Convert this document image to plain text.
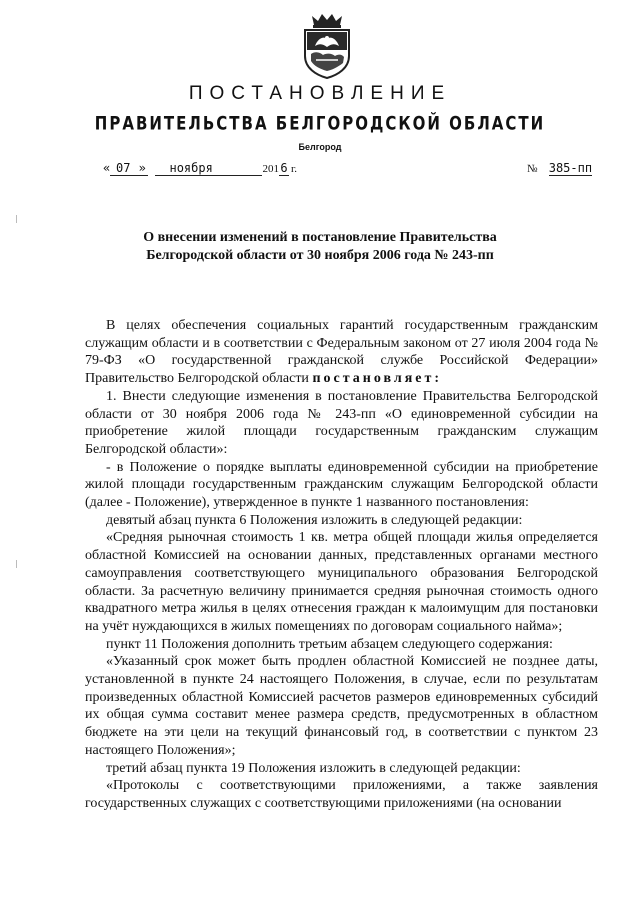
ПОСТАНОВЛЕНИЕ
ПРАВИТЕЛЬСТВА БЕЛГОРОДСКОЙ ОБЛАСТИ
Белгород
« 07 » ноября	2016 г.	№ 385-пп
О внесении изменений в постановление Правительства
Белгородской области от 30 ноября 2006 года № 243-пп

В целях обеспечения социальных гарантий государственным гражданским служащим области и в соответствии с Федеральным законом от 27 июля 2004 года № 79-ФЗ «О государственной гражданской службе Российской Федерации» Правительство Белгородской области постановляет:

1. Внести следующие изменения в постановление Правительства Белгородской области от 30 ноября 2006 года № 243-пп «О единовременной субсидии на приобретение жилой площади государственным гражданским служащим Белгородской области»:

- в Положение о порядке выплаты единовременной субсидии на приобретение жилой площади государственным гражданским служащим Белгородской области (далее - Положение), утвержденное в пункте 1 названного постановления:

девятый абзац пункта 6 Положения изложить в следующей редакции:

«Средняя рыночная стоимость 1 кв. метра общей площади жилья определяется областной Комиссией на основании данных, представленных органами местного самоуправления соответствующего муниципального образования Белгородской области. За расчетную величину принимается средняя рыночная стоимость одного квадратного метра жилья в целях отнесения граждан к малоимущим для постановки на учёт нуждающихся в жилых помещениях по договорам социального найма»;

пункт 11 Положения дополнить третьим абзацем следующего содержания:

«Указанный срок может быть продлен областной Комиссией не позднее даты, установленной в пункте 24 настоящего Положения, в случае, если по результатам произведенных областной Комиссией расчетов размеров единовременных субсидий их общая сумма составит менее размера средств, предусмотренных в областном бюджете на эти цели на текущий финансовый год, в соответствии с пунктом 23 настоящего Положения»;

третий абзац пункта 19 Положения изложить в следующей редакции:

«Протоколы с соответствующими приложениями, а также заявления государственных служащих с соответствующими приложениями (на основании
